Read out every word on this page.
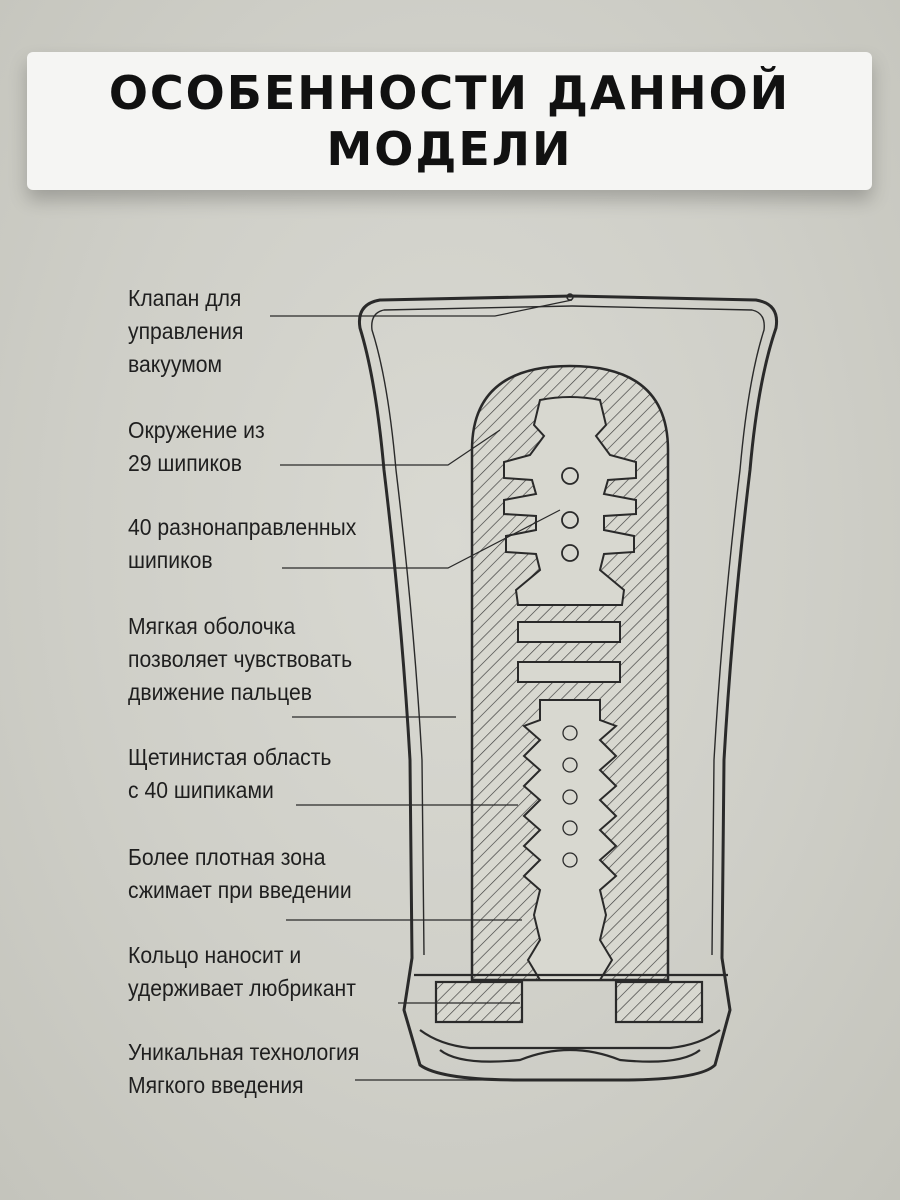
ОСОБЕННОСТИ ДАННОЙ
МОДЕЛИ
Клапан для
управления
вакуумом
Окружение из
29 шипиков
40 разнонаправленных
шипиков
Мягкая оболочка
позволяет чувствовать
движение пальцев
Щетинистая область
с 40 шипиками
Более плотная зона
сжимает при введении
Кольцо наносит и
удерживает любрикант
Уникальная технология
Мягкого введения
